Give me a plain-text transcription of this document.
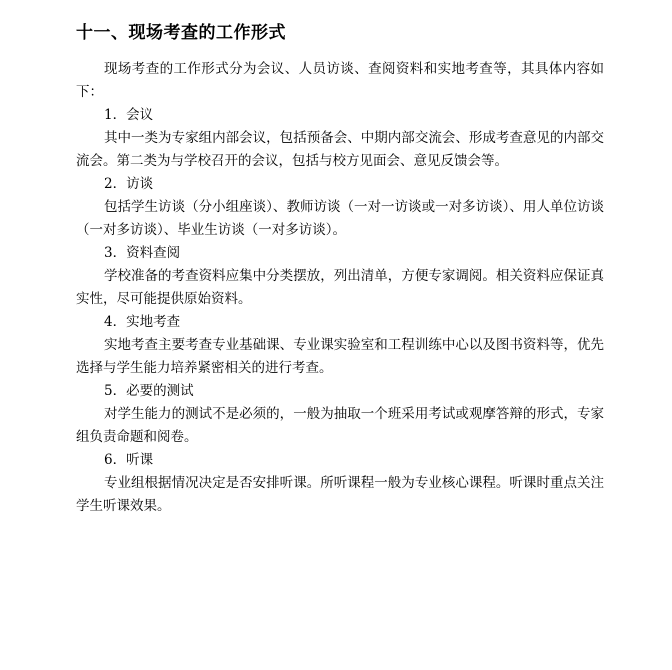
十一、现场考查的工作形式

现场考查的工作形式分为会议、人员访谈、查阅资料和实地考查等，其具体内容如下：

1．会议

其中一类为专家组内部会议，包括预备会、中期内部交流会、形成考查意见的内部交流会。第二类为与学校召开的会议，包括与校方见面会、意见反馈会等。

2．访谈

包括学生访谈（分小组座谈）、教师访谈（一对一访谈或一对多访谈）、用人单位访谈（一对多访谈）、毕业生访谈（一对多访谈）。

3．资料查阅

学校准备的考查资料应集中分类摆放，列出清单，方便专家调阅。相关资料应保证真实性，尽可能提供原始资料。

4．实地考查

实地考查主要考查专业基础课、专业课实验室和工程训练中心以及图书资料等，优先选择与学生能力培养紧密相关的进行考查。

5．必要的测试

对学生能力的测试不是必须的，一般为抽取一个班采用考试或观摩答辩的形式，专家组负责命题和阅卷。

6．听课

专业组根据情况决定是否安排听课。所听课程一般为专业核心课程。听课时重点关注学生听课效果。
